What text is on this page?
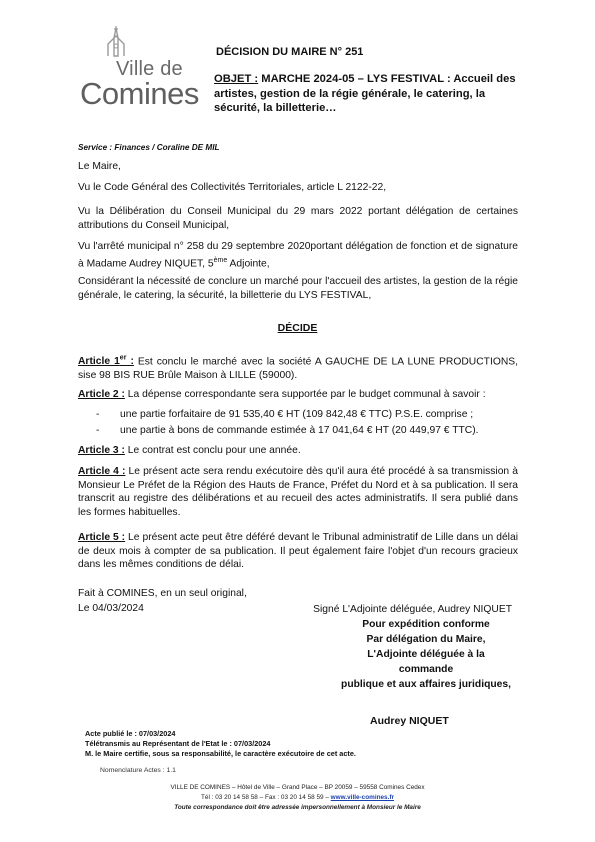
Ville de
Comines
DÉCISION DU MAIRE N° 251
OBJET : MARCHE 2024-05 – LYS FESTIVAL : Accueil des artistes, gestion de la régie générale, le catering, la sécurité, la billetterie…
Service : Finances / Coraline DE MIL
Le Maire,
Vu le Code Général des Collectivités Territoriales, article L 2122-22,
Vu la Délibération du Conseil Municipal du 29 mars 2022 portant délégation de certaines attributions du Conseil Municipal,
Vu l'arrêté municipal n° 258 du 29 septembre 2020portant délégation de fonction et de signature à Madame Audrey NIQUET, 5ème Adjointe,
Considérant la nécessité de conclure un marché pour l'accueil des artistes, la gestion de la régie générale, le catering, la sécurité, la billetterie du LYS FESTIVAL,
DÉCIDE
Article 1er : Est conclu le marché avec la société A GAUCHE DE LA LUNE PRODUCTIONS, sise 98 BIS RUE Brûle Maison à LILLE (59000).
Article 2 : La dépense correspondante sera supportée par le budget communal à savoir :
- une partie forfaitaire de 91 535,40 € HT (109 842,48 € TTC) P.S.E. comprise ;
- une partie à bons de commande estimée à 17 041,64 € HT (20 449,97 € TTC).
Article 3 : Le contrat est conclu pour une année.
Article 4 : Le présent acte sera rendu exécutoire dès qu'il aura été procédé à sa transmission à Monsieur Le Préfet de la Région des Hauts de France, Préfet du Nord et à sa publication. Il sera transcrit au registre des délibérations et au recueil des actes administratifs. Il sera publié dans les formes habituelles.
Article 5 : Le présent acte peut être déféré devant le Tribunal administratif de Lille dans un délai de deux mois à compter de sa publication. Il peut également faire l'objet d'un recours gracieux dans les mêmes conditions de délai.
Fait à COMINES, en un seul original,
Le 04/03/2024	Signé L'Adjointe déléguée, Audrey NIQUET
Pour expédition conforme
Par délégation du Maire,
L'Adjointe déléguée à la commande
publique et aux affaires juridiques,
Audrey NIQUET
Acte publié le : 07/03/2024
Télétransmis au Représentant de l'Etat le : 07/03/2024
M. le Maire certifie, sous sa responsabilité, le caractère exécutoire de cet acte.
Nomenclature Actes : 1.1
VILLE DE COMINES – Hôtel de Ville – Grand Place – BP 20059 – 59558 Comines Cedex
Tél : 03 20 14 58 58 – Fax : 03 20 14 58 59 – www.ville-comines.fr
Toute correspondance doit être adressée impersonnellement à Monsieur le Maire
